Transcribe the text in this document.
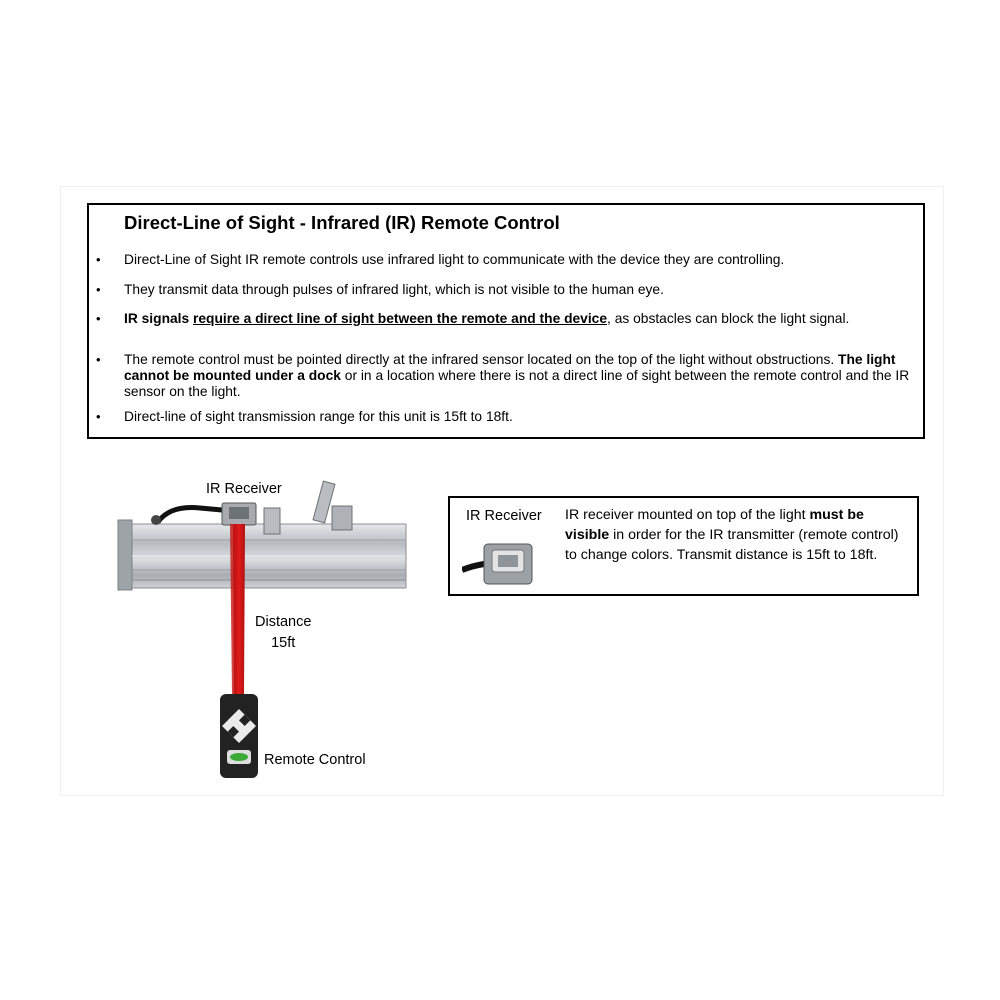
Direct-Line of Sight - Infrared (IR) Remote Control
• Direct-Line of Sight IR remote controls use infrared light to communicate with the device they are controlling.
• They transmit data through pulses of infrared light, which is not visible to the human eye.
• IR signals require a direct line of sight between the remote and the device, as obstacles can block the light signal.
• The remote control must be pointed directly at the infrared sensor located on the top of the light without obstructions. The light cannot be mounted under a dock or in a location where there is not a direct line of sight between the remote control and the IR sensor on the light.
• Direct-line of sight transmission range for this unit is 15ft to 18ft.
IR Receiver
Distance
15ft
Remote Control
IR Receiver IR receiver mounted on top of the light must be visible in order for the IR transmitter (remote control) to change colors. Transmit distance is 15ft to 18ft.
